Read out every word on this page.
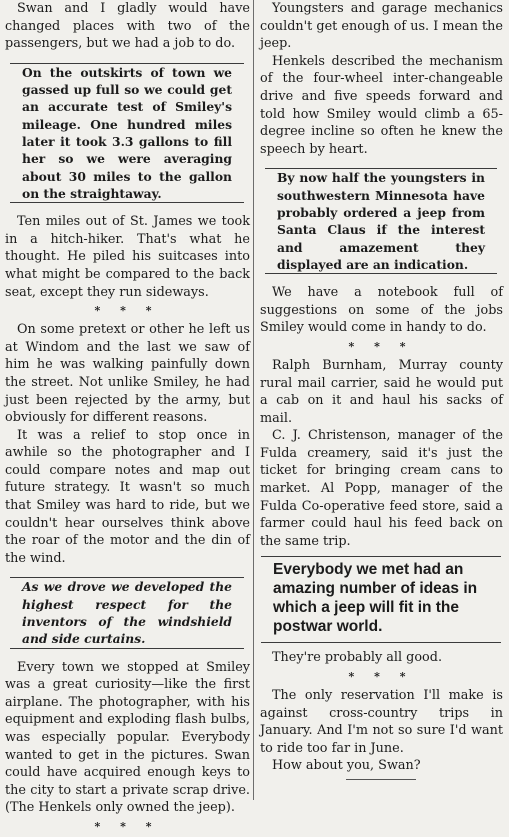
Swan and I gladly would have changed places with two of the passengers, but we had a job to do.

On the outskirts of town we gassed up full so we could get an accurate test of Smiley's mileage. One hundred miles later it took 3.3 gallons to fill her so we were averaging about 30 miles to the gallon on the straightaway.

Ten miles out of St. James we took in a hitch-hiker. That's what he thought. He piled his suitcases into what might be compared to the back seat, except they run sideways.

* * *

On some pretext or other he left us at Windom and the last we saw of him he was walking painfully down the street. Not unlike Smiley, he had just been rejected by the army, but obviously for different reasons.

It was a relief to stop once in awhile so the photographer and I could compare notes and map out future strategy. It wasn't so much that Smiley was hard to ride, but we couldn't hear ourselves think above the roar of the motor and the din of the wind.

As we drove we developed the highest respect for the inventors of the windshield and side curtains.

Every town we stopped at Smiley was a great curiosity—like the first airplane. The photographer, with his equipment and exploding flash bulbs, was especially popular. Everybody wanted to get in the pictures. Swan could have acquired enough keys to the city to start a private scrap drive. (The Henkels only owned the jeep).

* * *

Youngsters and garage mechanics couldn't get enough of us. I mean the jeep.

Henkels described the mechanism of the four-wheel inter-changeable drive and five speeds forward and told how Smiley would climb a 65-degree incline so often he knew the speech by heart.

By now half the youngsters in southwestern Minnesota have probably ordered a jeep from Santa Claus if the interest and amazement they displayed are an indication.

We have a notebook full of suggestions on some of the jobs Smiley would come in handy to do.

* * *

Ralph Burnham, Murray county rural mail carrier, said he would put a cab on it and haul his sacks of mail.

C. J. Christenson, manager of the Fulda creamery, said it's just the ticket for bringing cream cans to market. Al Popp, manager of the Fulda Co-operative feed store, said a farmer could haul his feed back on the same trip.

Everybody we met had an amazing number of ideas in which a jeep will fit in the postwar world.

They're probably all good.

* * *

The only reservation I'll make is against cross-country trips in January. And I'm not so sure I'd want to ride too far in June.

How about you, Swan?
